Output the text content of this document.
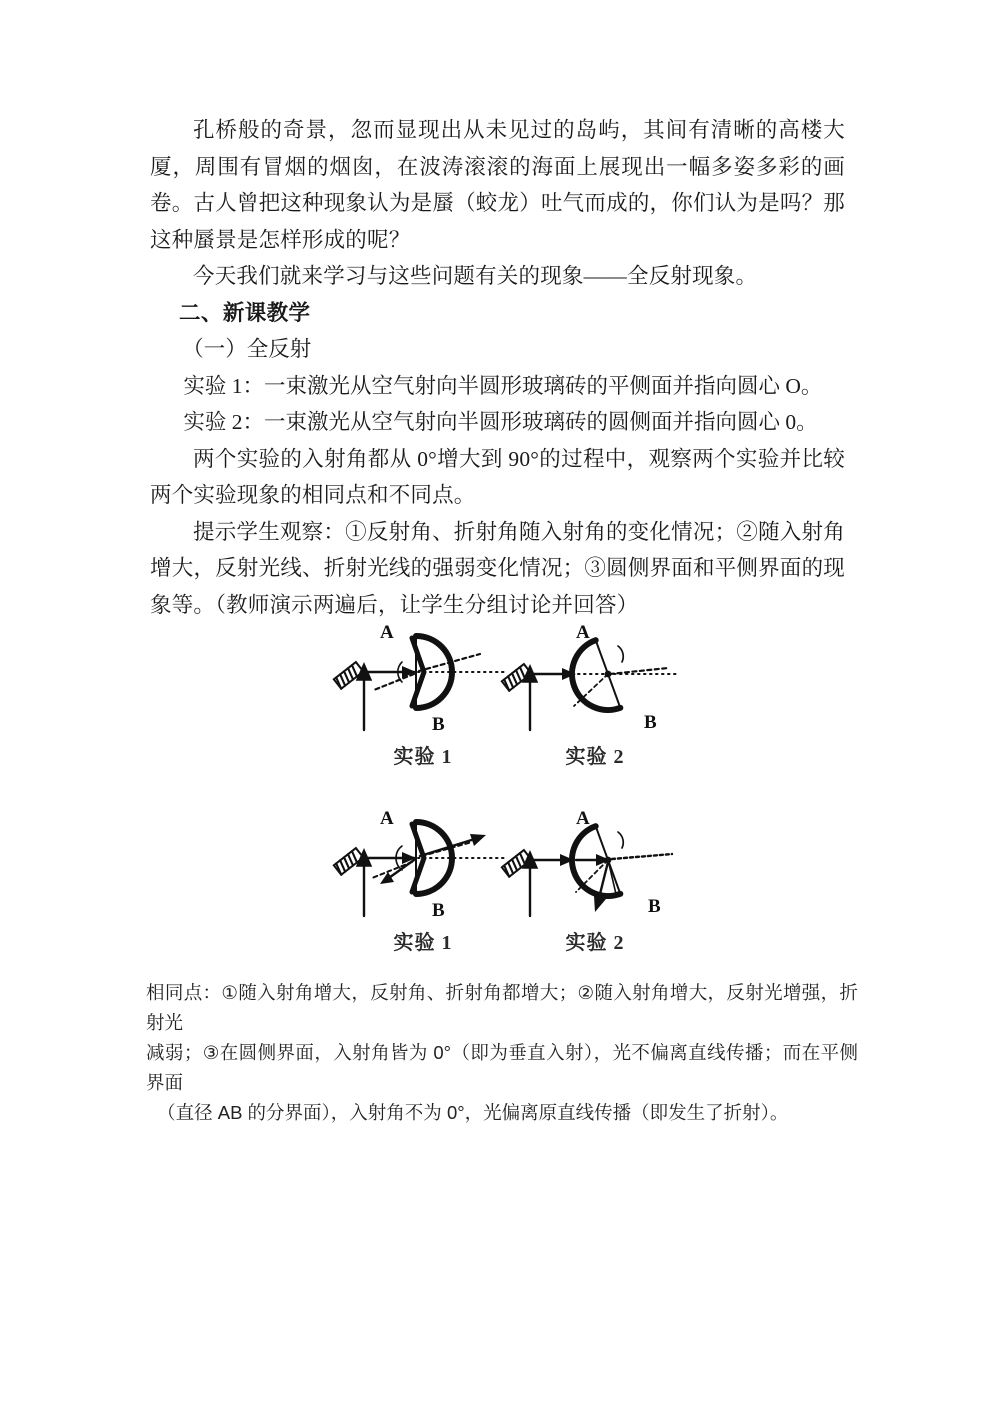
孔桥般的奇景，忽而显现出从未见过的岛屿，其间有清晰的高楼大厦，周围有冒烟的烟囱，在波涛滚滚的海面上展现出一幅多姿多彩的画卷。古人曾把这种现象认为是蜃（蛟龙）吐气而成的，你们认为是吗？那这种蜃景是怎样形成的呢？

今天我们就来学习与这些问题有关的现象——全反射现象。

二、新课教学

（一）全反射

实验 1：一束激光从空气射向半圆形玻璃砖的平侧面并指向圆心 O。

实验 2：一束激光从空气射向半圆形玻璃砖的圆侧面并指向圆心 0。

两个实验的入射角都从 0°增大到 90°的过程中，观察两个实验并比较两个实验现象的相同点和不同点。

提示学生观察：①反射角、折射角随入射角的变化情况；②随入射角增大，反射光线、折射光线的强弱变化情况；③圆侧界面和平侧界面的现象等。（教师演示两遍后，让学生分组讨论并回答）

A
B
实验 1
A
B
实验 2
A
B
实验 1
A
B
实验 2

相同点：①随入射角增大，反射角、折射角都增大；②随入射角增大，反射光增强，折射光

减弱；③在圆侧界面，入射角皆为 0°（即为垂直入射），光不偏离直线传播；而在平侧界面

（直径 AB 的分界面），入射角不为 0°，光偏离原直线传播（即发生了折射）。
